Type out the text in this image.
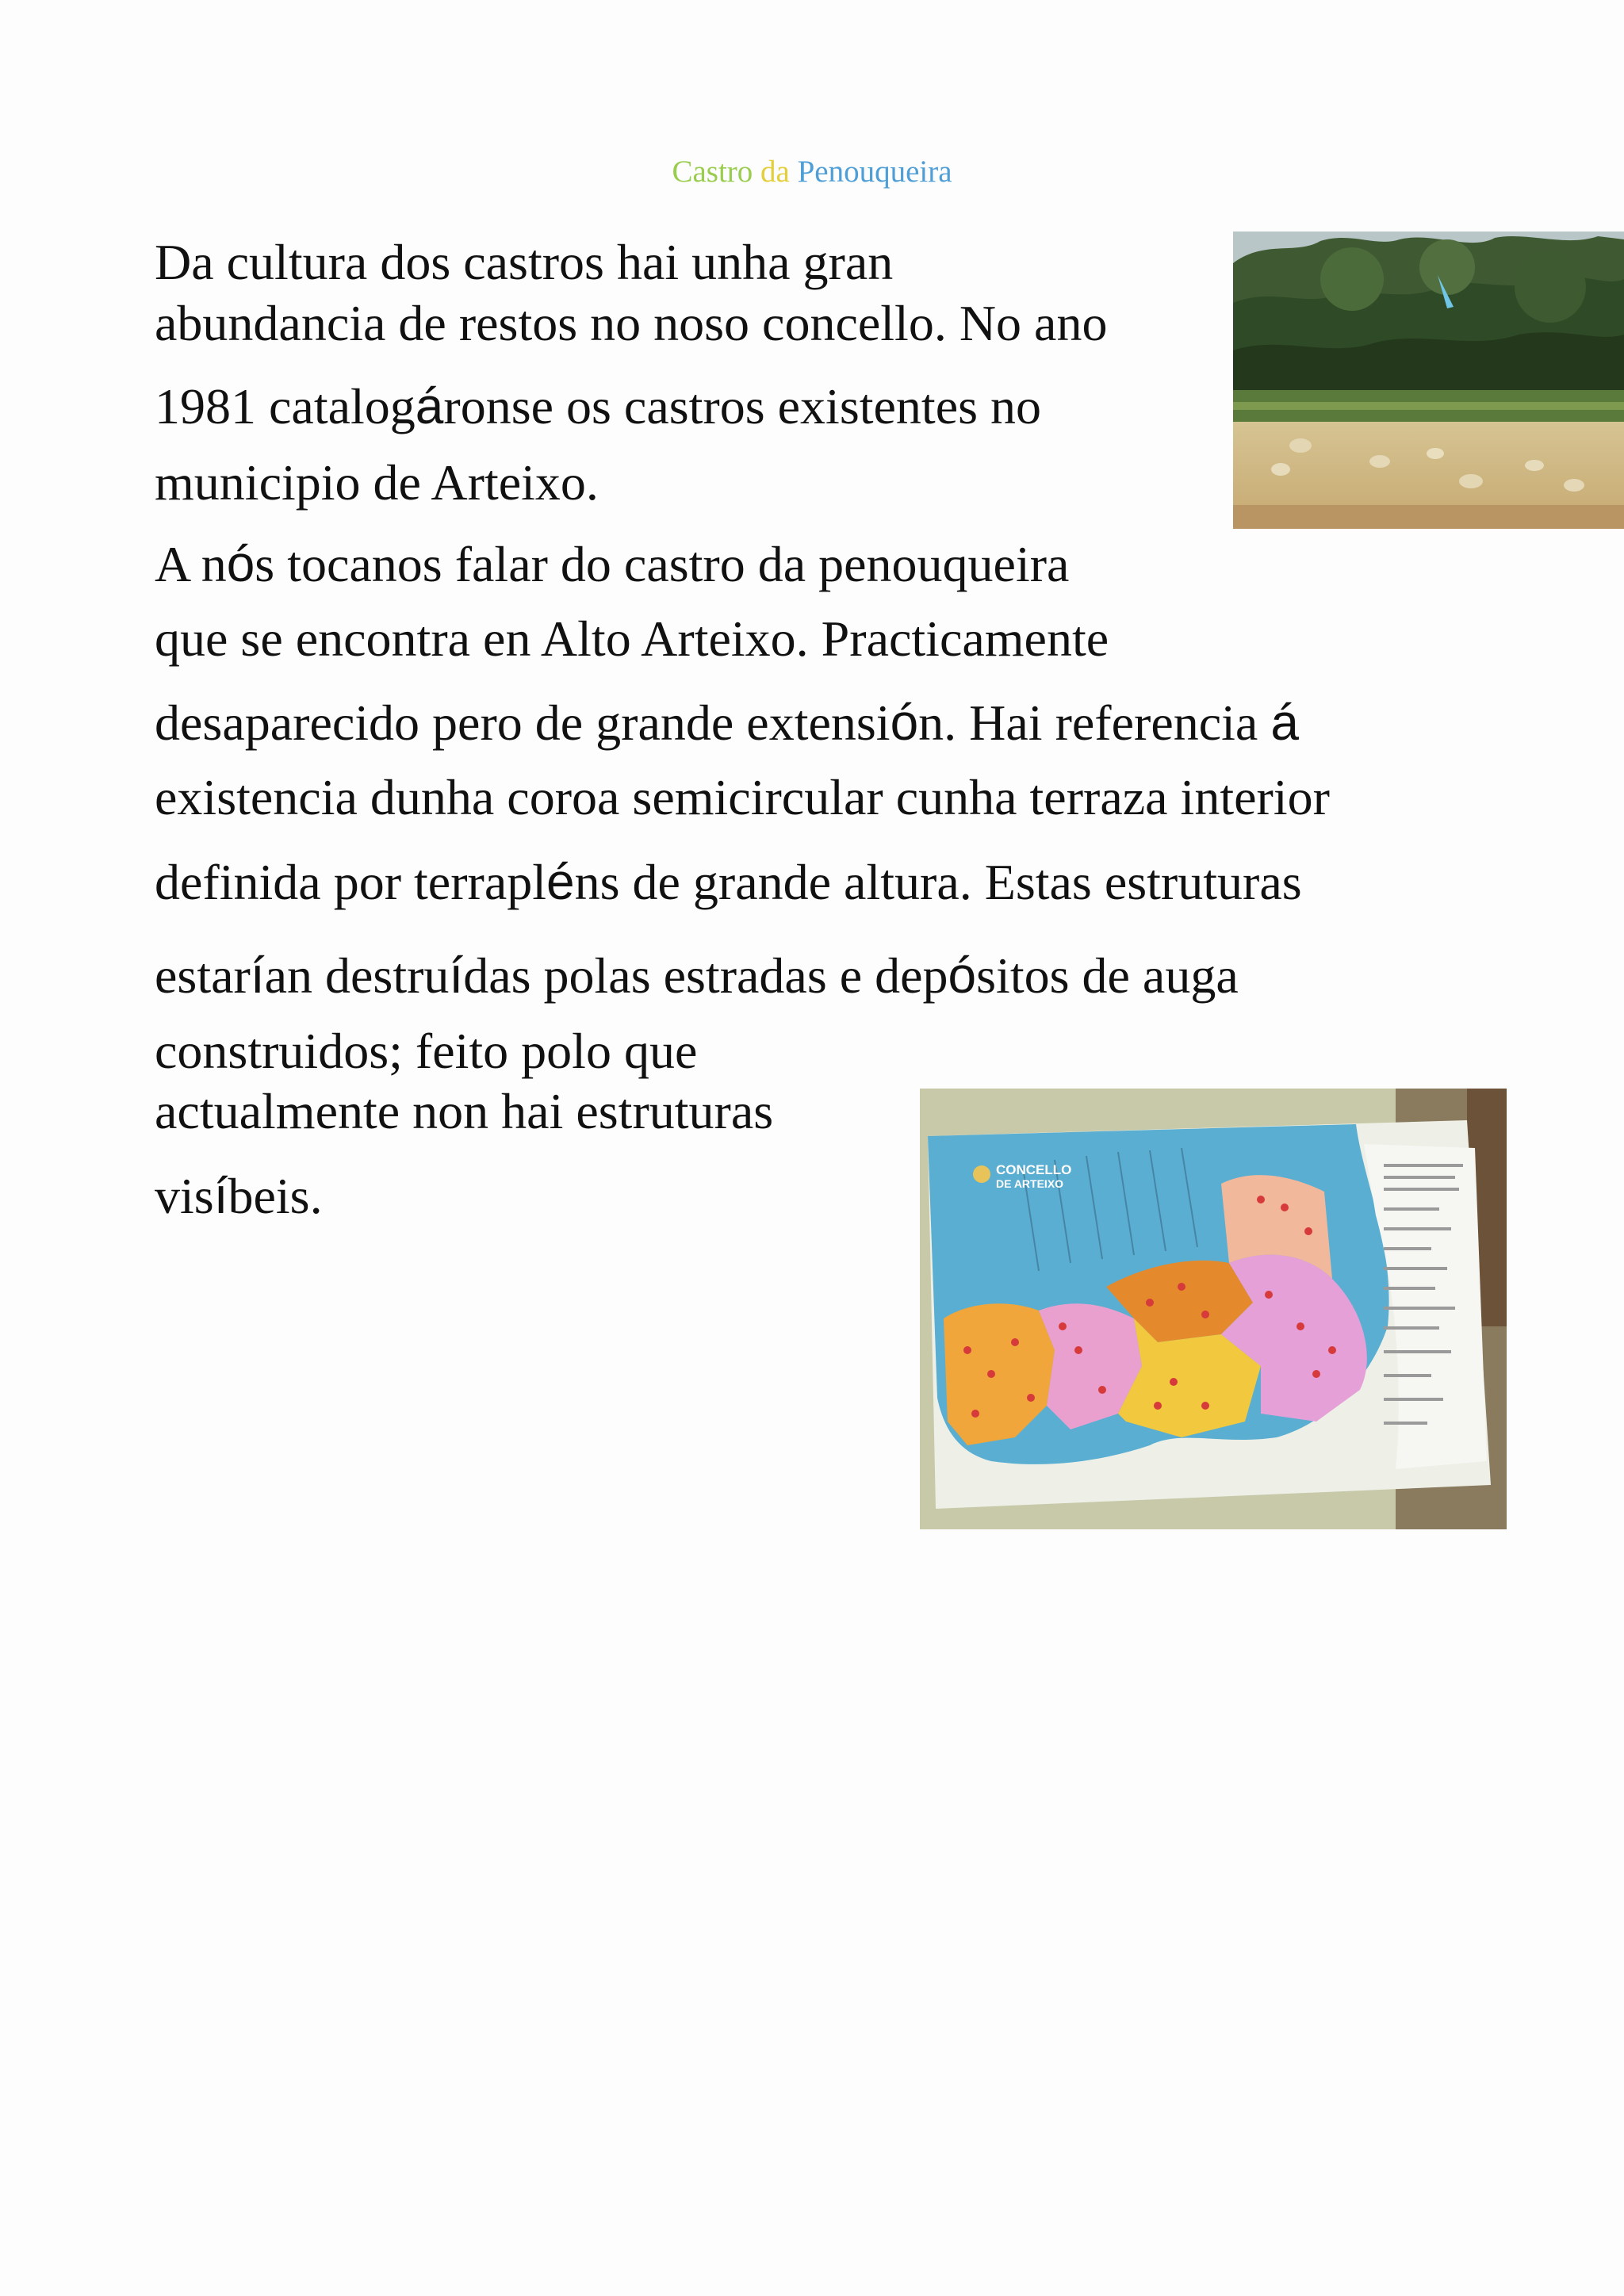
Castro da Penouqueira
Da cultura dos castros hai unha gran
abundancia de restos no noso concello. No ano
1981 catalogáronse os castros existentes no
municipio de Arteixo.
A nós tocanos falar do castro da penouqueira
que se encontra en Alto Arteixo. Practicamente
desaparecido pero de grande extensión. Hai referencia á
existencia dunha coroa semicircular cunha terraza interior
definida por terrapléns de grande altura. Estas estruturas
estarían destruídas polas estradas e depósitos de auga
construidos; feito polo que
actualmente non hai estruturas
visíbeis.	CONCELLO
DE ARTEIXO
